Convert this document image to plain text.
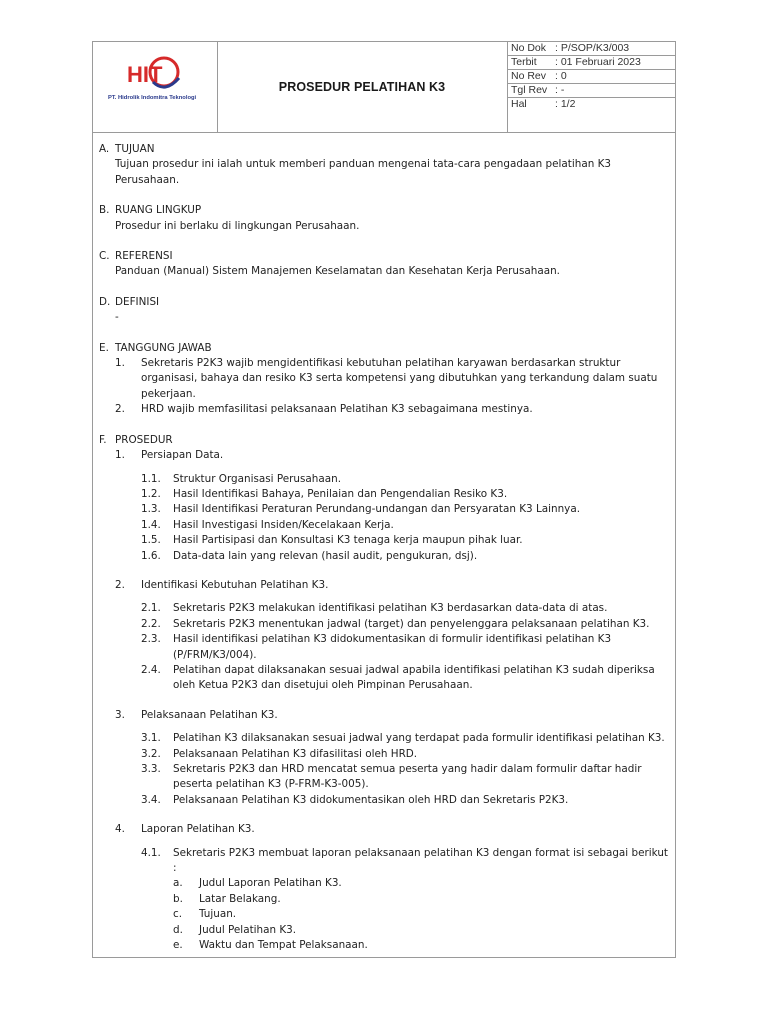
HIT
PT. Hidrolik Indomitra Teknologi
PROSEDUR PELATIHAN K3
No Dok : P/SOP/K3/003
Terbit	: 01 Februari 2023
No Rev : 0
Tgl Rev : -
Hal	: 1/2
A. TUJUAN
Tujuan prosedur ini ialah untuk memberi panduan mengenai tata-cara pengadaan pelatihan K3 Perusahaan.
B. RUANG LINGKUP
Prosedur ini berlaku di lingkungan Perusahaan.
C. REFERENSI
Panduan (Manual) Sistem Manajemen Keselamatan dan Kesehatan Kerja Perusahaan.
D. DEFINISI
-
E. TANGGUNG JAWAB
1.	Sekretaris P2K3 wajib mengidentifikasi kebutuhan pelatihan karyawan berdasarkan struktur organisasi, bahaya dan resiko K3 serta kompetensi yang dibutuhkan yang terkandung dalam suatu pekerjaan.
2.	HRD wajib memfasilitasi pelaksanaan Pelatihan K3 sebagaimana mestinya.
F. PROSEDUR
1.	Persiapan Data.
1.1.	Struktur Organisasi Perusahaan.
1.2.	Hasil Identifikasi Bahaya, Penilaian dan Pengendalian Resiko K3.
1.3.	Hasil Identifikasi Peraturan Perundang-undangan dan Persyaratan K3 Lainnya.
1.4.	Hasil Investigasi Insiden/Kecelakaan Kerja.
1.5.	Hasil Partisipasi dan Konsultasi K3 tenaga kerja maupun pihak luar.
1.6.	Data-data lain yang relevan (hasil audit, pengukuran, dsj).
2.	Identifikasi Kebutuhan Pelatihan K3.
2.1.	Sekretaris P2K3 melakukan identifikasi pelatihan K3 berdasarkan data-data di atas.
2.2.	Sekretaris P2K3 menentukan jadwal (target) dan penyelenggara pelaksanaan pelatihan K3.
2.3.	Hasil identifikasi pelatihan K3 didokumentasikan di formulir identifikasi pelatihan K3 (P/FRM/K3/004).
2.4.	Pelatihan dapat dilaksanakan sesuai jadwal apabila identifikasi pelatihan K3 sudah diperiksa oleh Ketua P2K3 dan disetujui oleh Pimpinan Perusahaan.
3.	Pelaksanaan Pelatihan K3.
3.1.	Pelatihan K3 dilaksanakan sesuai jadwal yang terdapat pada formulir identifikasi pelatihan K3.
3.2.	Pelaksanaan Pelatihan K3 difasilitasi oleh HRD.
3.3.	Sekretaris P2K3 dan HRD mencatat semua peserta yang hadir dalam formulir daftar hadir peserta pelatihan K3 (P-FRM-K3-005).
3.4.	Pelaksanaan Pelatihan K3 didokumentasikan oleh HRD dan Sekretaris P2K3.
4.	Laporan Pelatihan K3.
4.1.	Sekretaris P2K3 membuat laporan pelaksanaan pelatihan K3 dengan format isi sebagai berikut :
a.	Judul Laporan Pelatihan K3.
b.	Latar Belakang.
c.	Tujuan.
d.	Judul Pelatihan K3.
e.	Waktu dan Tempat Pelaksanaan.
